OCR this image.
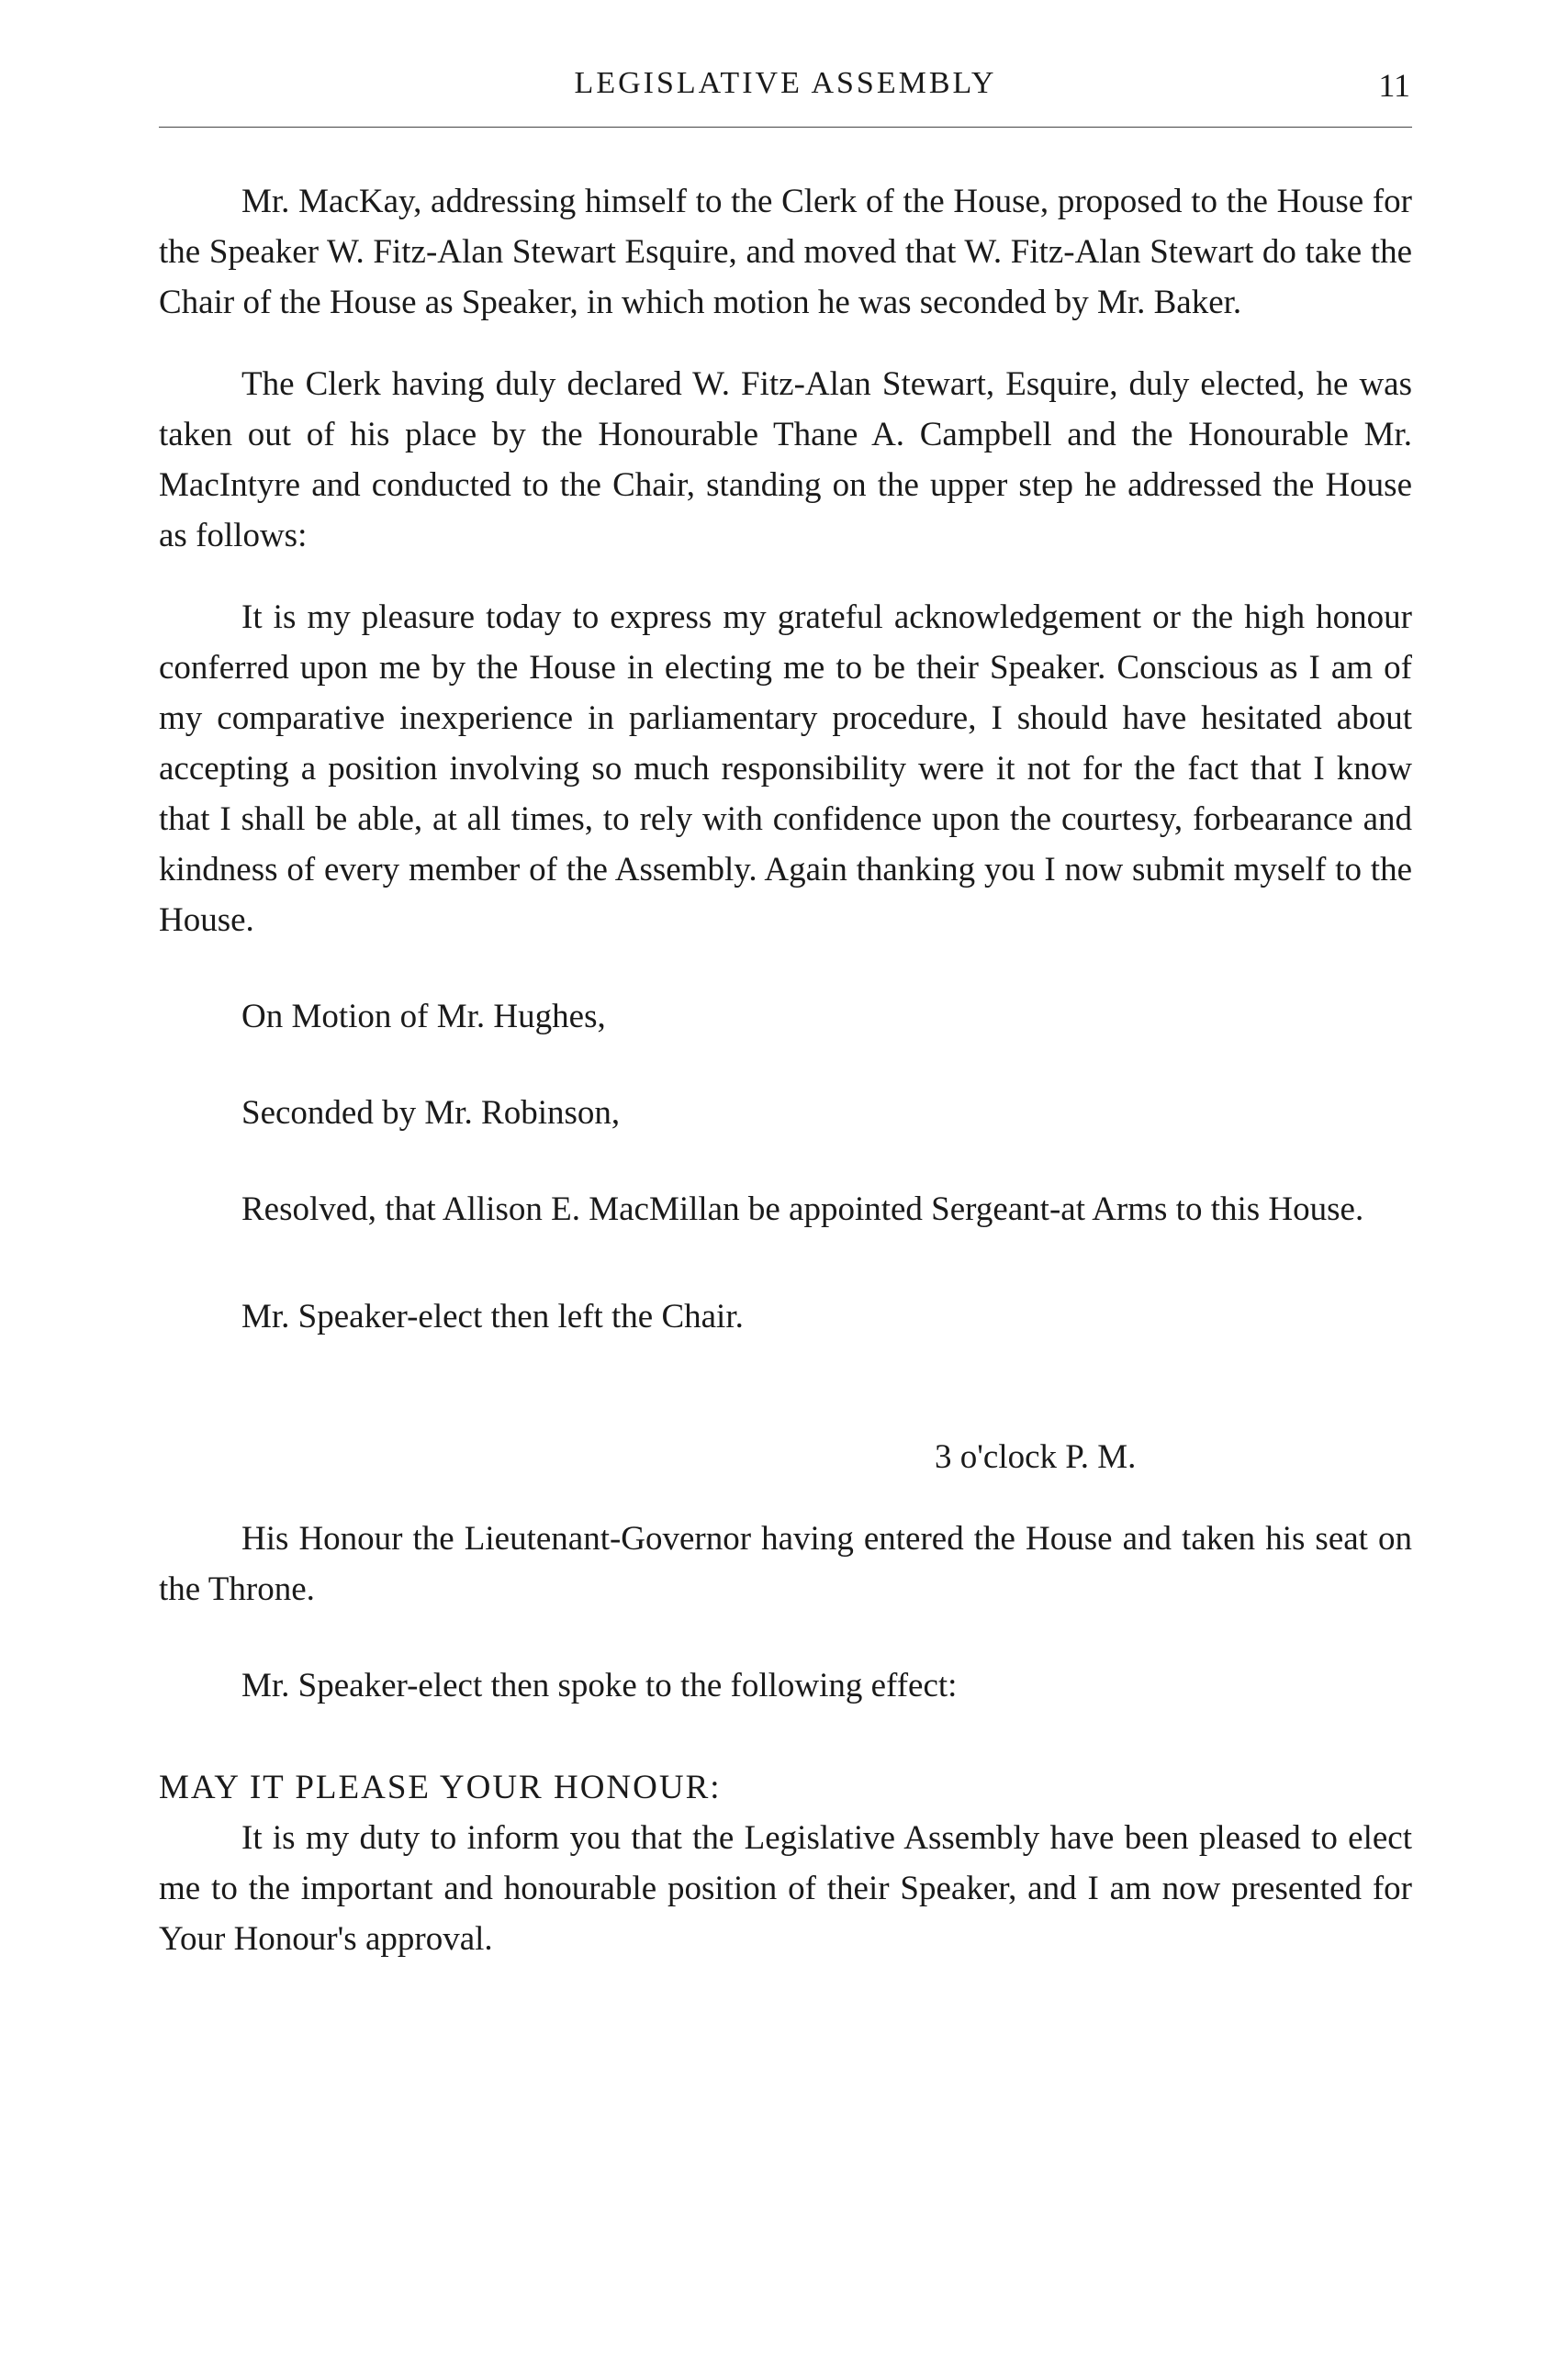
LEGISLATIVE ASSEMBLY	11

Mr. MacKay, addressing himself to the Clerk of the House, proposed to the House for the Speaker W. Fitz-Alan Stewart Esquire, and moved that W. Fitz-Alan Stewart do take the Chair of the House as Speaker, in which motion he was seconded by Mr. Baker.

The Clerk having duly declared W. Fitz-Alan Stewart, Esquire, duly elected, he was taken out of his place by the Honourable Thane A. Campbell and the Honourable Mr. MacIntyre and conducted to the Chair, standing on the upper step he addressed the House as follows:

It is my pleasure today to express my grateful acknowledgement or the high honour conferred upon me by the House in electing me to be their Speaker. Conscious as I am of my comparative inexperience in parliamentary procedure, I should have hesitated about accepting a position involving so much responsibility were it not for the fact that I know that I shall be able, at all times, to rely with confidence upon the courtesy, forbearance and kindness of every member of the Assembly. Again thanking you I now submit myself to the House.

On Motion of Mr. Hughes,

Seconded by Mr. Robinson,

Resolved, that Allison E. MacMillan be appointed Sergeant-at Arms to this House.

Mr. Speaker-elect then left the Chair.

3 o'clock P. M.

His Honour the Lieutenant-Governor having entered the House and taken his seat on the Throne.

Mr. Speaker-elect then spoke to the following effect:

MAY IT PLEASE YOUR HONOUR:

It is my duty to inform you that the Legislative Assembly have been pleased to elect me to the important and honourable position of their Speaker, and I am now presented for Your Honour's approval.
